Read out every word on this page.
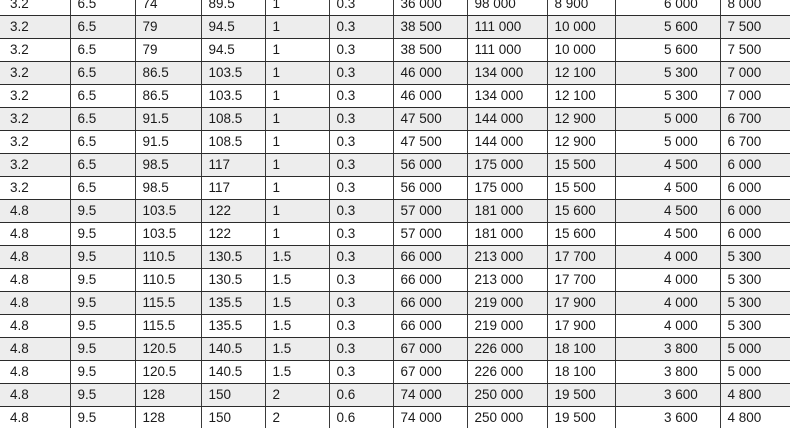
3.2	6.5	74	89.5	1	0.3	36 000	98 000	8 900		6 000	8 000
3.2	6.5	79	94.5	1	0.3	38 500	111 000	10 000		5 600	7 500
3.2	6.5	79	94.5	1	0.3	38 500	111 000	10 000		5 600	7 500
3.2	6.5	86.5	103.5	1	0.3	46 000	134 000	12 100		5 300	7 000
3.2	6.5	86.5	103.5	1	0.3	46 000	134 000	12 100		5 300	7 000
3.2	6.5	91.5	108.5	1	0.3	47 500	144 000	12 900		5 000	6 700
3.2	6.5	91.5	108.5	1	0.3	47 500	144 000	12 900		5 000	6 700
3.2	6.5	98.5	117	1	0.3	56 000	175 000	15 500		4 500	6 000
3.2	6.5	98.5	117	1	0.3	56 000	175 000	15 500		4 500	6 000
4.8	9.5	103.5	122	1	0.3	57 000	181 000	15 600		4 500	6 000
4.8	9.5	103.5	122	1	0.3	57 000	181 000	15 600		4 500	6 000
4.8	9.5	110.5	130.5	1.5	0.3	66 000	213 000	17 700		4 000	5 300
4.8	9.5	110.5	130.5	1.5	0.3	66 000	213 000	17 700		4 000	5 300
4.8	9.5	115.5	135.5	1.5	0.3	66 000	219 000	17 900		4 000	5 300
4.8	9.5	115.5	135.5	1.5	0.3	66 000	219 000	17 900		4 000	5 300
4.8	9.5	120.5	140.5	1.5	0.3	67 000	226 000	18 100		3 800	5 000
4.8	9.5	120.5	140.5	1.5	0.3	67 000	226 000	18 100		3 800	5 000
4.8	9.5	128	150	2	0.6	74 000	250 000	19 500		3 600	4 800
4.8	9.5	128	150	2	0.6	74 000	250 000	19 500		3 600	4 800
